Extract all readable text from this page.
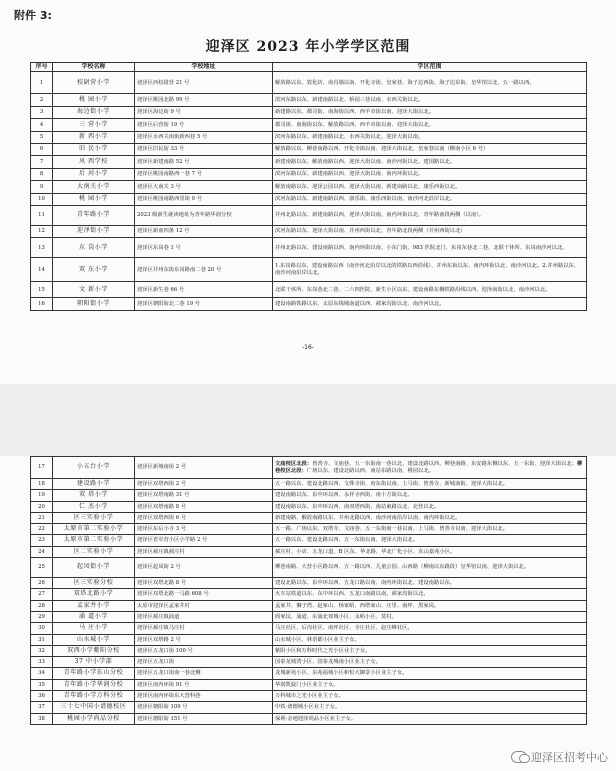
附件 3:
迎泽区 2023 年小学学区范围
序号	学校名称	学校地址	学区范围
1	校尉营小学	迎泽区西校尉营 21 号	解放路以东、敦化坊、南肖墙以南、开化寺街、皇家巷、海子边西街、海子边东街、皇华馆以北、五一路以西。
2	桃 园小学	迎泽区桃园北路 99 号	滨河东路以东、新建南路以北、桥园三巷以南、水西关街以北。
3	海边街小学	迎泽区海边街 9 号	新建路以东、都司街、南海街以西、西羊市街以南、迎泽大街以北。
4	三 营小学	迎泽区后营街 19 号	都司街、南海街以东、解放路以西、西羊市街以南、迎泽大街以北。
5	新 西小学	迎泽区水西关南街新西巷 5 号	滨河东路以东、新建南路以北、水西关街以北、迎泽大街以南。
6	旧 民小学	迎泽区旧民街 33 号	解放路以东、柳巷南路以西、开化寺街以南、迎泽大街以北、皇家巷以南（柳南小区 6 号）
7	风 西学校	迎泽区新建南路 52 号	新建南路以东、解放南路以西、迎泽大街以南、南沙河街以北、建国路以北。
8	后 河小学	迎泽区桃园南路西一巷 7 号	滨河东路以东、新建南路以西、迎泽大街以南、南内环街以北。
9	大南关小学	迎泽区大南关 3 号	解放南路以东、迎泽公园以西、迎泽大街以南、新建南路以北、康乐西街以北。
10	桃 园小学	迎泽区桃园南路西里街 9 号	滨河东路以东、新建南路以西、康乐街、康乐西街以南、南沙河北沿岸以北。
11	青年路小学	2023 级新生就读地址为青年路华润分校	并州北路以东、新建南路以西、迎泽大街以南、南内环街以北、青年路南段两侧（以南）。
12	迎泽街小学	迎泽区新南四条 12 号	滨河东路以东、迎泽大街以南、并州西街以北、青年路北段两侧（并州西街以北）
13	东 岗小学	迎泽区东岗巷 1 号	并州北路以东、建设南路以西、南内环街以南、小东门街、983 医院北门、东岗东巷北二巷、北联干休所、东岗南沙河以北。
14	双 东小学	迎泽区并州东街东岗路南二巷 20 号	1.东岗路以东、建设南路以西（南沙河北沿岸以北的铁路以西沿线）、并州东街以东、南内环街以北、南沙河以北。2.并州路以东、南沙河南沿岸以北。
15	文 新小学	迎泽区新生巷 66 号	北联干休所、东岗巷北二巷、二六四医院、新生小区以东、建设南路东侧铁路沿线以西、迎泽南街以北、南沙河以北。
16	朝阳街小学	迎泽区朝阳街北二巷 19 号	建设南路铁路以东、太原东线城南道以西、郝家沟街以北、南沙河以北。
-16-
17	小五台小学	迎泽区新城南街 2 号	文庙校区北段：皆善寺、文庙巷、五一东街南一巷以北、建设北路以西、柳巷南路、东安路东侧以东、五一东街、迎泽大街以北；柳巷校区北段：广场以东、建设北路以西、南站东路以南、桃园以北。
18	建设路小学	迎泽区双塔西街 2 号	五一路以东、建设北路以西、文殊寺街、府东街以南、上马街、皆善寺、新城南街、迎泽大街以北。
19	双 塔小学	迎泽区双塔南路 31 号	建设南路以东、东中环以西、永祥寺西街、南十方街以北。
20	仁 杰小学	迎泽区双塔南路 8 号	建设南路以东、东中环以西、南双塔西街、南站東路以北、北营以北。
21	区三实验小学	迎泽区双塔西街 6 号	新建南路、解放南路以东、并州北路以西、南沙河南沿岸以南、南内环街以北。
22	太原市第二实验小学	迎泽区东后小寺 3 号	五一路、广场以东、双塔寺、文庙巷、五一东街南一巷以南、上马街、皆善寺以南、迎泽大街以北。
23	太原市第二实验小学	迎泽区省军营小区小学路 2 号	五一路以东、建设北路以西、五一东街以南、迎泽大街以北。
24	区二实验小学	迎泽区郝庄镇郝庄村	郝庄村、小店、五龙口道、B 区东、华北路、华北广化小区、东山嘉苑小区。
25	起凤街小学	迎泽区起凤街 2 号	柳巷南路、大营小区路以西、五一路以西、儿童公园、山西路（柳南以东路段）皇华馆以南、迎泽大街以北。
26	区三实验分校	迎泽区双塔北路 8 号	建设北路以东、东中环以西、五龙口路以南、南内环街以北、建设南路以东。
27	双塔北路小学	迎泽区双塔北路一马路 608 号	火车站铁道以东、东中环以西、五龙口南路以南、郝家沟街以北。
28	孟家井小学	太原市迎泽区孟家井村	孟家井、狮子湾、赵家山、杨家峪、西塔家山、庄里、南坪、黑家岗。
29	涌 道小学	迎泽区郝庄镇涌道	阎家坟、涌道、东涌北郊城小区、永峪小区、莫村。
30	马 庄小学	迎泽区郝庄镇马庄村	马庄社区、后沟社区、南坪社区、寺庄社区、赵庄峰社区。
31	山水城小学	迎泽区双塔路 2 号	山水城小区、林语都小区业主子女。
32	双西小学紫阳分校	迎泽区五龙口街 100 号	紫阳小区和万科时代之光小区业主子女。
33	37 中小学部	迎泽区五龙口街	国泰龙城湾小区、国泰龙城南小区业主子女。
34	青年路小学东山分校	迎泽区五龙口街南一巷北侧	龙城新苑小区、东苑福城小区和恒大御景小区业主子女。
35	青年路小学华润分校	迎泽区南内环街 91 号	华润凯旋门小区业主子女。
36	青年路小学万科分校	迎泽区南内环街东大营科巷	万科城市之光小区业主子女。
37	三十七中国小谱德校区	迎泽区朝阳街 109 号	中铁·谱德城小区业主子女。
38	桃园小学尚品分校	迎泽区朝阳街 151 号	保利·金地迎泽尚品小区业主子女。
迎泽区招考中心
